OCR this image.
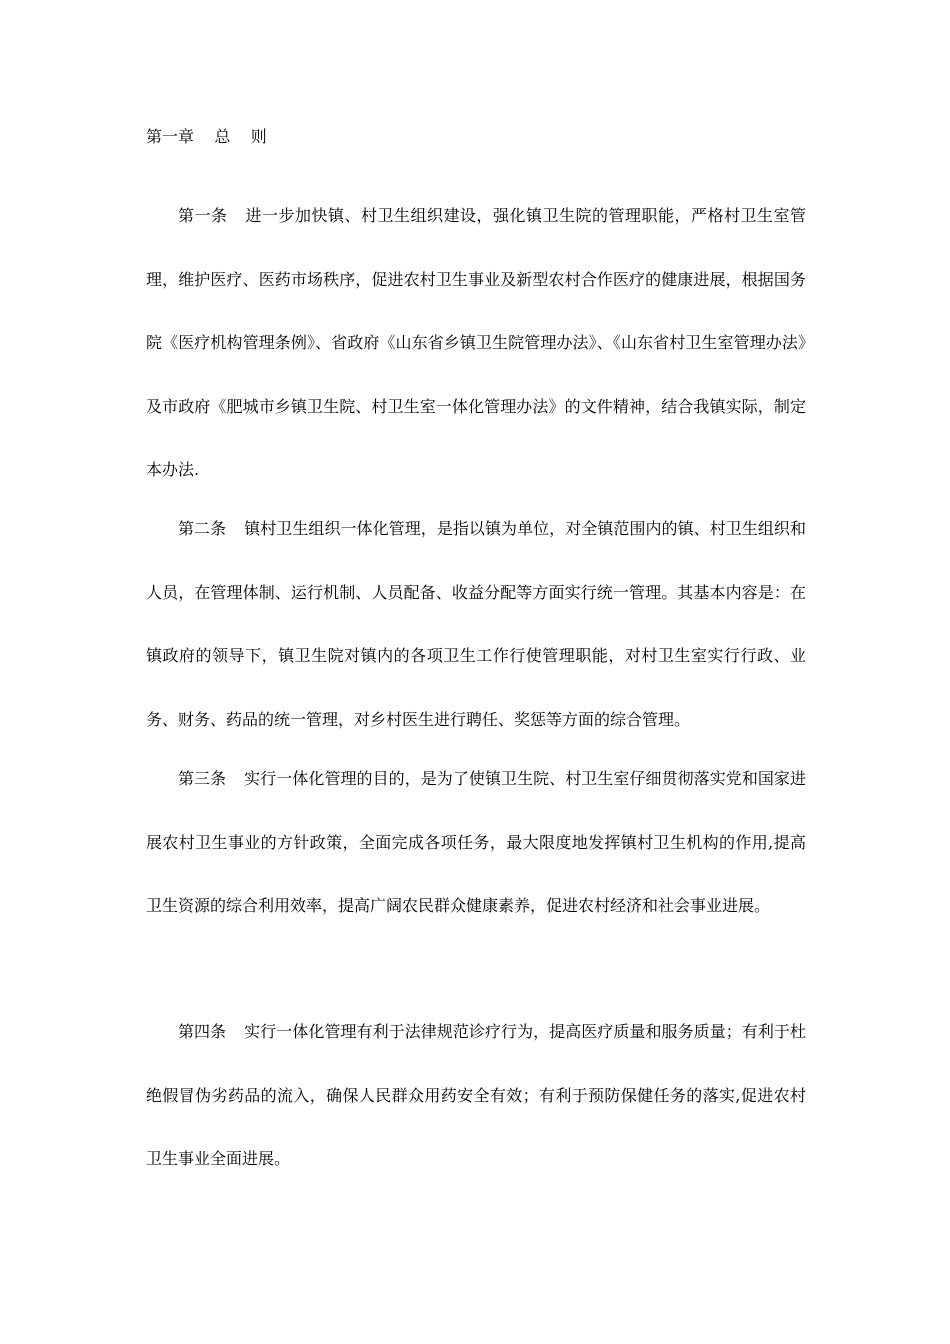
第一章    总    则

第一条 进一步加快镇、村卫生组织建设，强化镇卫生院的管理职能，严格村卫生室管理，维护医疗、医药市场秩序，促进农村卫生事业及新型农村合作医疗的健康进展，根据国务院《医疗机构管理条例》、省政府《山东省乡镇卫生院管理办法》、《山东省村卫生室管理办法》及市政府《肥城市乡镇卫生院、村卫生室一体化管理办法》的文件精神，结合我镇实际，制定本办法.

第二条 镇村卫生组织一体化管理，是指以镇为单位，对全镇范围内的镇、村卫生组织和人员，在管理体制、运行机制、人员配备、收益分配等方面实行统一管理。其基本内容是：在镇政府的领导下，镇卫生院对镇内的各项卫生工作行使管理职能，对村卫生室实行行政、业务、财务、药品的统一管理，对乡村医生进行聘任、奖惩等方面的综合管理。

第三条 实行一体化管理的目的，是为了使镇卫生院、村卫生室仔细贯彻落实党和国家进展农村卫生事业的方针政策，全面完成各项任务，最大限度地发挥镇村卫生机构的作用,提高卫生资源的综合利用效率，提高广阔农民群众健康素养，促进农村经济和社会事业进展。

第四条 实行一体化管理有利于法律规范诊疗行为，提高医疗质量和服务质量；有利于杜绝假冒伪劣药品的流入，确保人民群众用药安全有效；有利于预防保健任务的落实,促进农村卫生事业全面进展。
